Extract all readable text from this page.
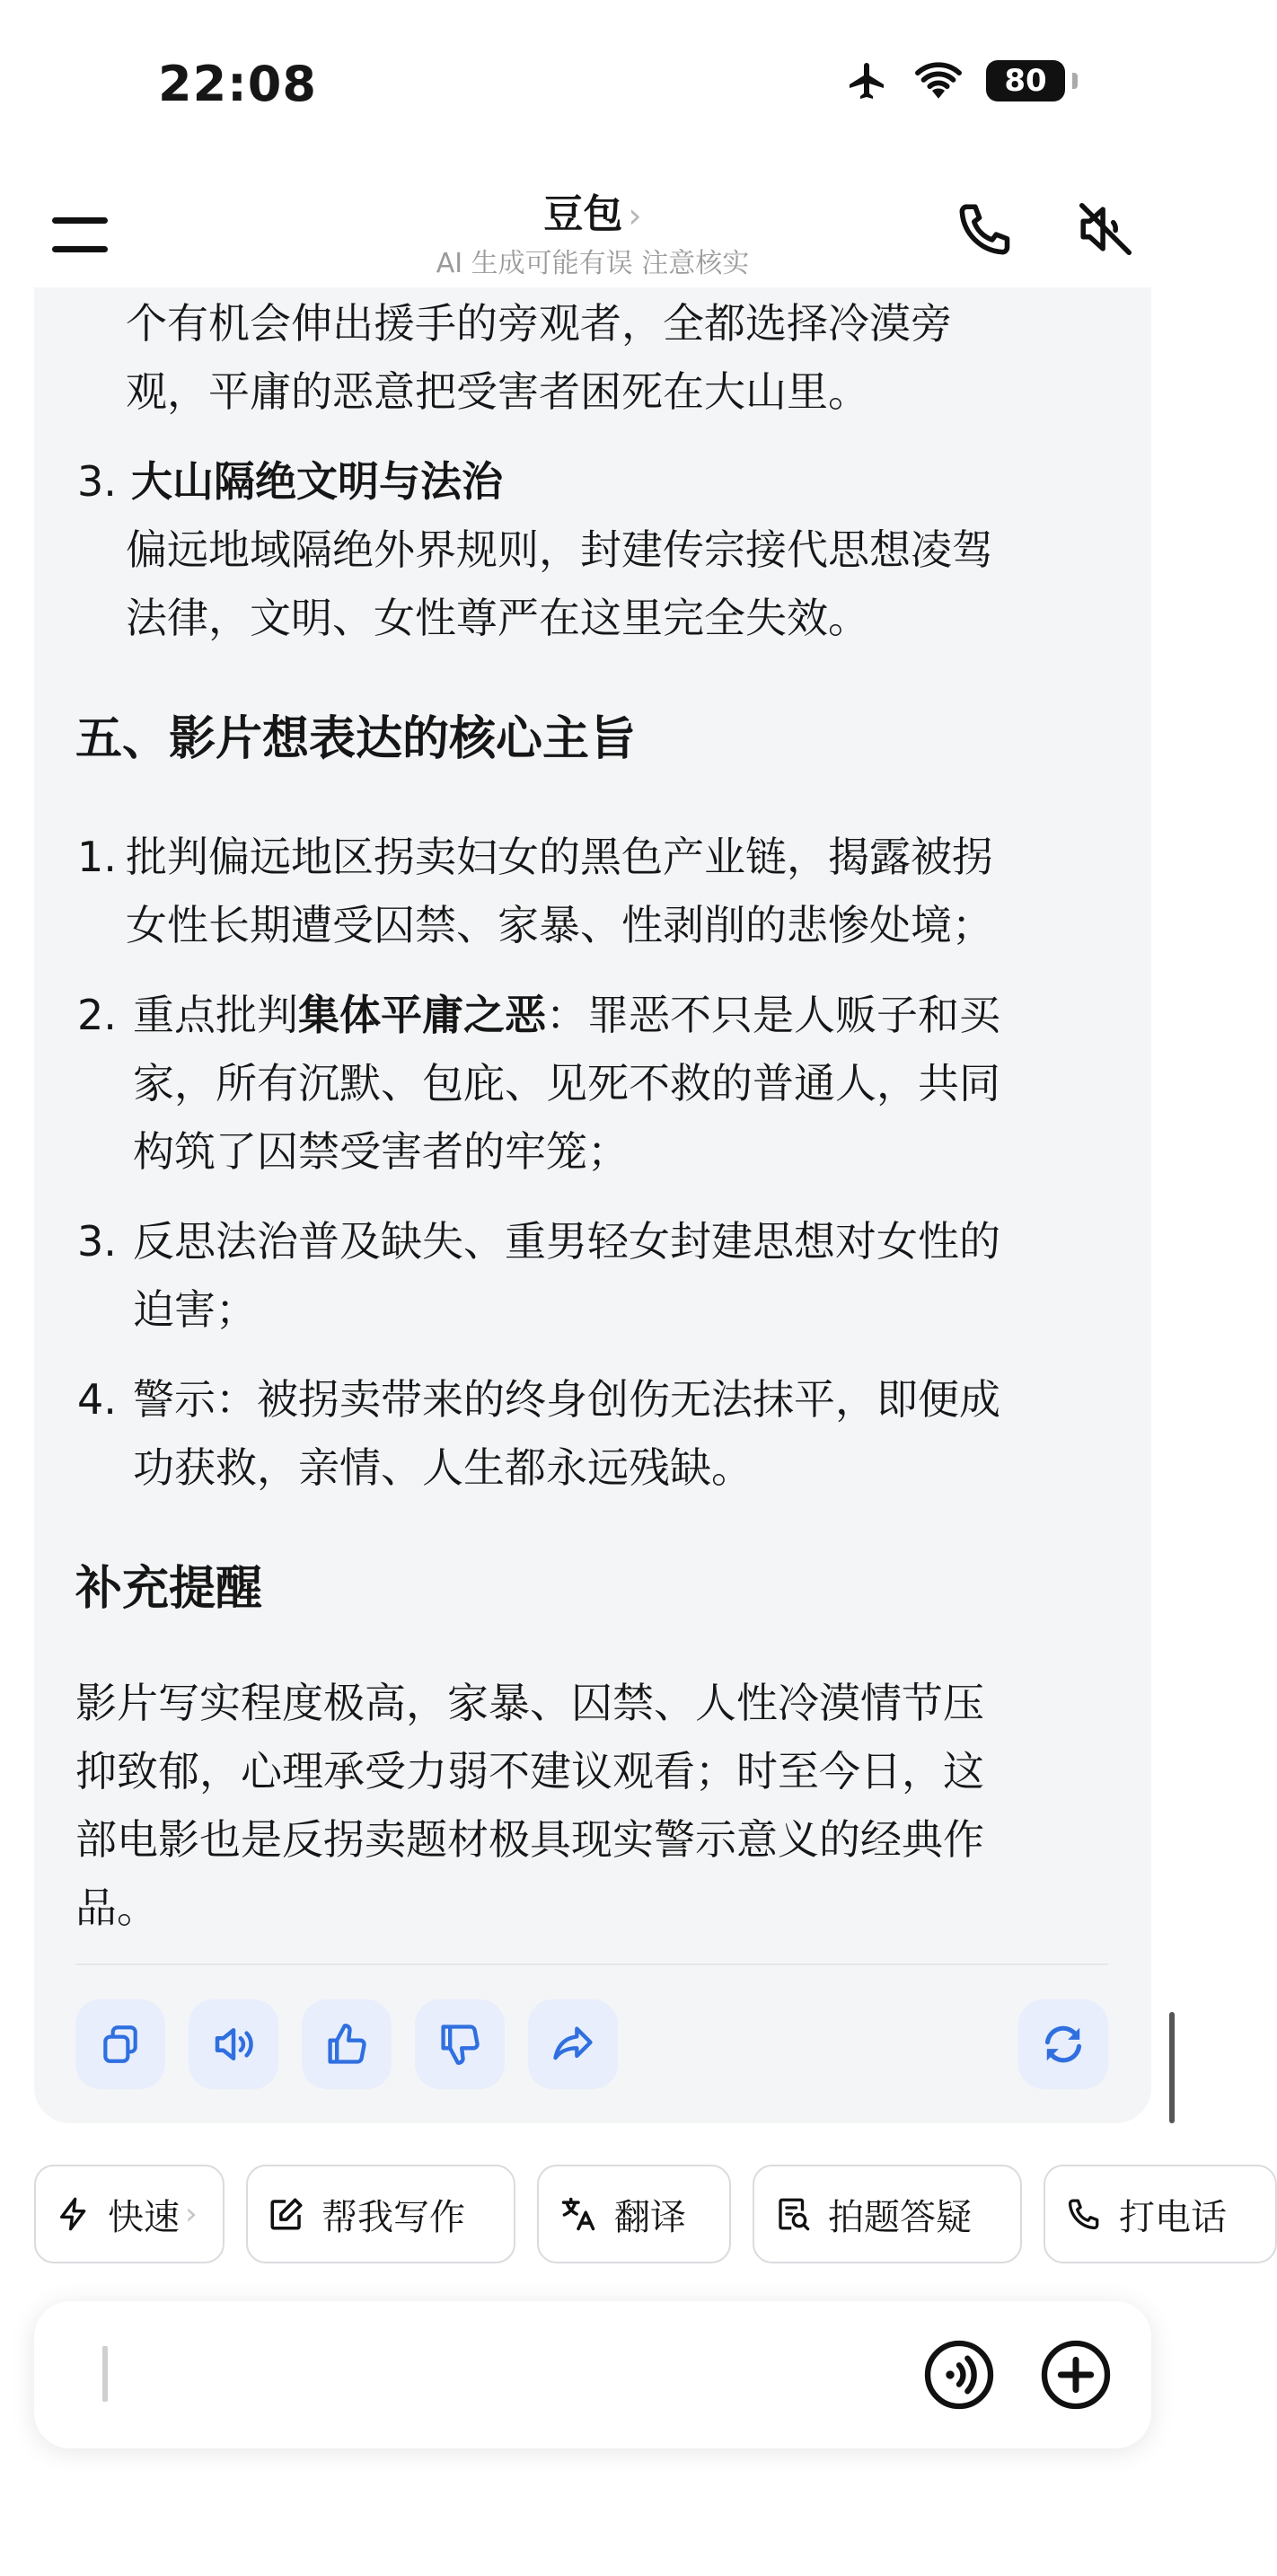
22:08	80
豆包 ›
AI 生成可能有误 注意核实
个有机会伸出援手的旁观者，全都选择冷漠旁
观，平庸的恶意把受害者困死在大山里。
3. 大山隔绝文明与法治
偏远地域隔绝外界规则，封建传宗接代思想凌驾
法律，文明、女性尊严在这里完全失效。
五、影片想表达的核心主旨
1. 批判偏远地区拐卖妇女的黑色产业链，揭露被拐
女性长期遭受囚禁、家暴、性剥削的悲惨处境；
2. 重点批判集体平庸之恶：罪恶不只是人贩子和买
家，所有沉默、包庇、见死不救的普通人，共同
构筑了囚禁受害者的牢笼；
3. 反思法治普及缺失、重男轻女封建思想对女性的
迫害；
4. 警示：被拐卖带来的终身创伤无法抹平，即便成
功获救，亲情、人生都永远残缺。
补充提醒
影片写实程度极高，家暴、囚禁、人性冷漠情节压
抑致郁，心理承受力弱不建议观看；时至今日，这
部电影也是反拐卖题材极具现实警示意义的经典作
品。
快速 ›	帮我写作	翻译	拍题答疑	打电话
